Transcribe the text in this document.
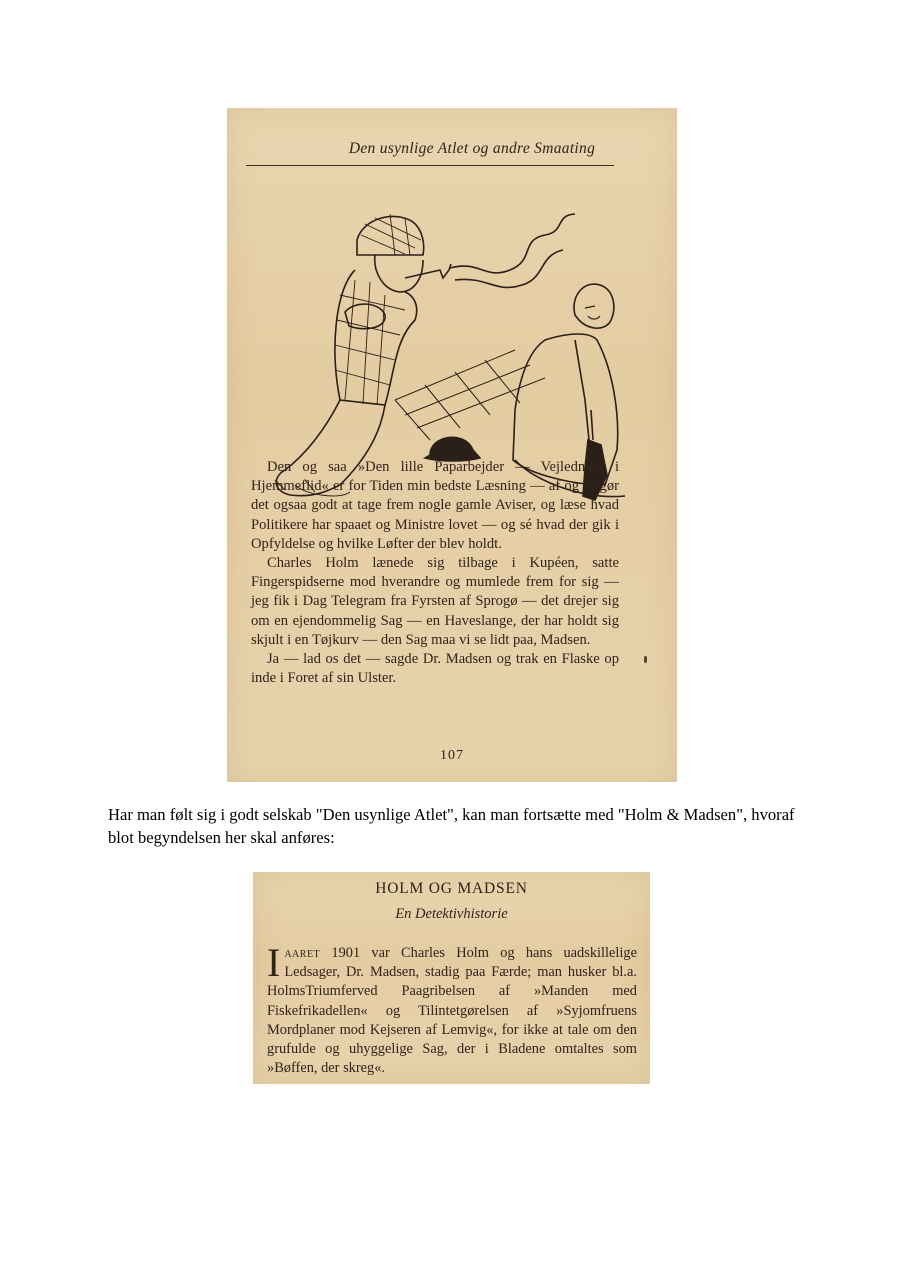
Den usynlige Atlet og andre Smaating

Den og saa »Den lille Paparbejder — Vejledning i Hjemmeflid« er for Tiden min bedste Læsning — af og til gør det ogsaa godt at tage frem nogle gamle Aviser, og læse hvad Politikere har spaaet og Ministre lovet — og sé hvad der gik i Opfyldelse og hvilke Løfter der blev holdt.

Charles Holm lænede sig tilbage i Kupéen, satte Fingerspidserne mod hverandre og mumlede frem for sig — jeg fik i Dag Telegram fra Fyrsten af Sprogø — det drejer sig om en ejendommelig Sag — en Haveslange, der har holdt sig skjult i en Tøjkurv — den Sag maa vi se lidt paa, Madsen.

Ja — lad os det — sagde Dr. Madsen og trak en Flaske op inde i Foret af sin Ulster.

107
Har man følt sig i godt selskab "Den usynlige Atlet", kan man fortsætte med "Holm & Madsen", hvoraf blot begyndelsen her skal anføres:
HOLM OG MADSEN
En Detektivhistorie
Iaaret 1901 var Charles Holm og hans uadskillelige Ledsager, Dr. Madsen, stadig paa Færde; man husker bl.a. HolmsTriumferved Paagribelsen af »Manden med Fiskefrikadellen« og Tilintetgørelsen af »Syjomfruens Mordplaner mod Kejseren af Lemvig«, for ikke at tale om den grufulde og uhyggelige Sag, der i Bladene omtaltes som »Bøffen, der skreg«.
